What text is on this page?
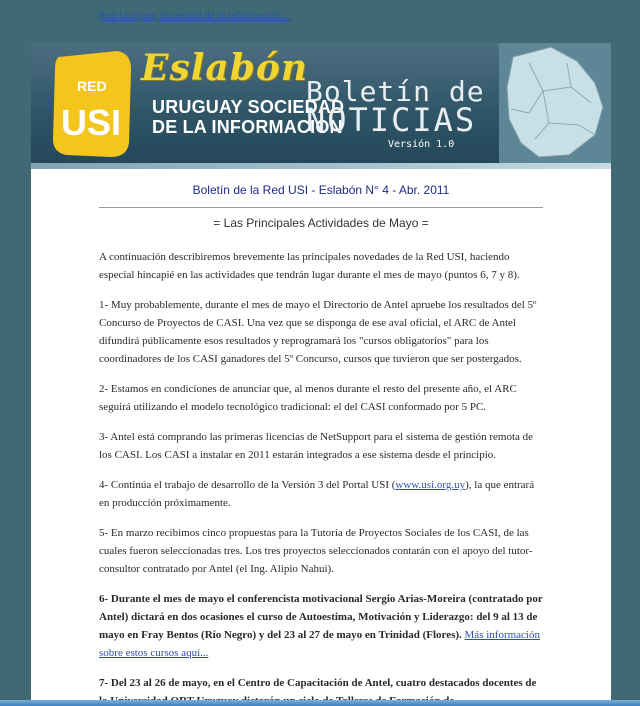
Red Uruguay Sociedad de la Información ...
RED
USI
Eslabón
URUGUAY SOCIEDAD
DE LA INFORMACION
Boletín de
NOTICIAS
Versión 1.0

Boletín de la Red USI - Eslabón N° 4 - Abr. 2011

= Las Principales Actividades de Mayo =

A continuación describiremos brevemente las principales novedades de la Red USI, haciendo especial hincapié en las actividades que tendrán lugar durante el mes de mayo (puntos 6, 7 y 8).

1- Muy probablemente, durante el mes de mayo el Directorio de Antel apruebe los resultados del 5º Concurso de Proyectos de CASI. Una vez que se disponga de ese aval oficial, el ARC de Antel difundirá públicamente esos resultados y reprogramará los "cursos obligatorios" para los coordinadores de los CASI ganadores del 5º Concurso, cursos que tuvieron que ser postergados.

2- Estamos en condiciones de anunciar que, al menos durante el resto del presente año, el ARC seguirá utilizando el modelo tecnológico tradicional: el del CASI conformado por 5 PC.

3- Antel está comprando las primeras licencias de NetSupport para el sistema de gestión remota de los CASI. Los CASI a instalar en 2011 estarán integrados a ese sistema desde el principio.

4- Continúa el trabajo de desarrollo de la Versión 3 del Portal USI (www.usi.org.uy), la que entrará en producción próximamente.

5- En marzo recibimos cinco propuestas para la Tutoría de Proyectos Sociales de los CASI, de las cuales fueron seleccionadas tres. Los tres proyectos seleccionados contarán con el apoyo del tutor-consultor contratado por Antel (el Ing. Alipio Nahui).

6- Durante el mes de mayo el conferencista motivacional Sergio Arias-Moreira (contratado por Antel) dictará en dos ocasiones el curso de Autoestima, Motivación y Liderazgo: del 9 al 13 de mayo en Fray Bentos (Río Negro) y del 23 al 27 de mayo en Trinidad (Flores). Más información sobre estos cursos aquí...

7- Del 23 al 26 de mayo, en el Centro de Capacitación de Antel, cuatro destacados docentes de
